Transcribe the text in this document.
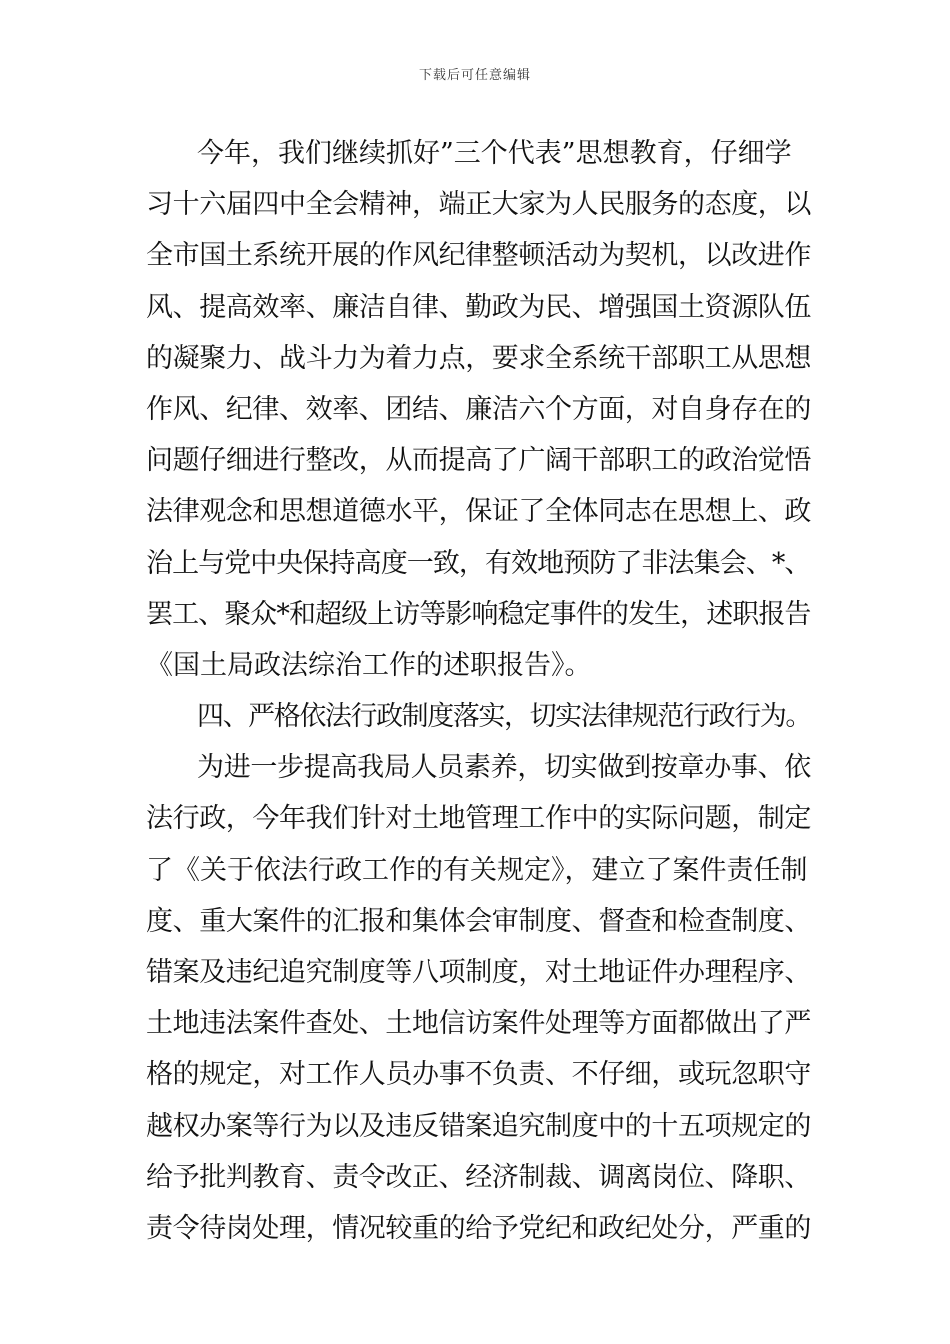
下载后可任意编辑
今年，我们继续抓好”三个代表”思想教育，仔细学
习十六届四中全会精神，端正大家为人民服务的态度，以
全市国土系统开展的作风纪律整顿活动为契机，以改进作
风、提高效率、廉洁自律、勤政为民、增强国土资源队伍
的凝聚力、战斗力为着力点，要求全系统干部职工从思想
作风、纪律、效率、团结、廉洁六个方面，对自身存在的
问题仔细进行整改，从而提高了广阔干部职工的政治觉悟
法律观念和思想道德水平，保证了全体同志在思想上、政
治上与党中央保持高度一致，有效地预防了非法集会、*、
罢工、聚众*和超级上访等影响稳定事件的发生，述职报告
《国土局政法综治工作的述职报告》。
四、严格依法行政制度落实，切实法律规范行政行为。
为进一步提高我局人员素养，切实做到按章办事、依
法行政，今年我们针对土地管理工作中的实际问题，制定
了《关于依法行政工作的有关规定》，建立了案件责任制
度、重大案件的汇报和集体会审制度、督查和检查制度、
错案及违纪追究制度等八项制度，对土地证件办理程序、
土地违法案件查处、土地信访案件处理等方面都做出了严
格的规定，对工作人员办事不负责、不仔细，或玩忽职守
越权办案等行为以及违反错案追究制度中的十五项规定的
给予批判教育、责令改正、经济制裁、调离岗位、降职、
责令待岗处理，情况较重的给予党纪和政纪处分，严重的
